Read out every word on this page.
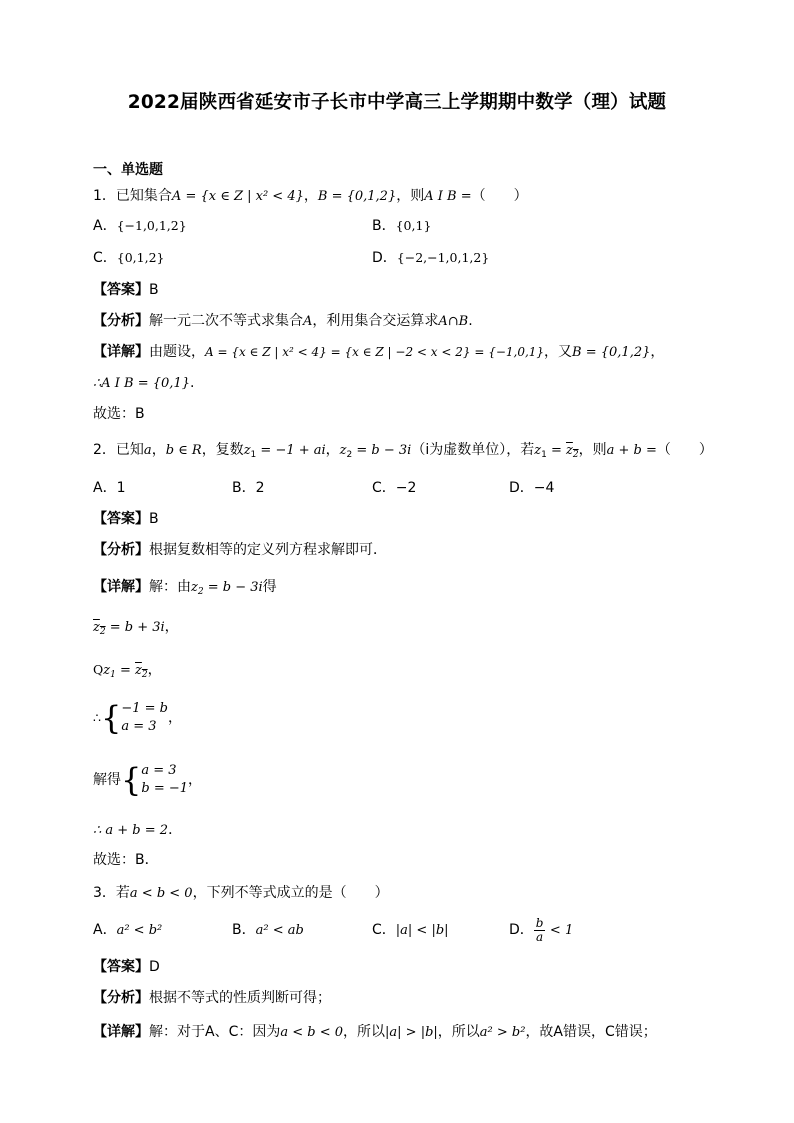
2022届陕西省延安市子长市中学高三上学期期中数学（理）试题
一、单选题
1．已知集合A = {x ∈ Z | x² < 4}，B = {0,1,2}，则A I B =（　　）
A．{−1,0,1,2}	B．{0,1}
C．{0,1,2}	D．{−2,−1,0,1,2}
【答案】B
【分析】解一元二次不等式求集合A，利用集合交运算求A∩B.
【详解】由题设，A = {x ∈ Z | x² < 4} = {x ∈ Z | −2 < x < 2} = {−1,0,1}，又B = {0,1,2}，
∴A I B = {0,1}.
故选：B
2．已知a，b ∈ R，复数$z_1 = -1$ + ai，$z_2 = b - 3i(i$为虚数单位），若$z_1 = z_2$，则a + b =（　　）
A．1	B．2	C．−2	D．−4
【答案】B
【分析】根据复数相等的定义列方程求解即可．
【详解】解：由$z_2 = b - 3i$得
$z_2 = b + 3i$，
$Qz_1 = z_2$，
∴{ −1 = b
a = 3
，
解得{ a = 3
b = −1
，
∴ a + b = 2．
故选：B．
3．若a < b < 0，下列不等式成立的是（　　）
A．a² < b²	B．a² < ab	C．|a| < |b|	D． $\frac{b}{a} < 1$
【答案】D
【分析】根据不等式的性质判断可得；
【详解】解：对于A、C：因为a < b < 0，所以|a| > |b|，所以a² > b²，故A错误，C错误；
